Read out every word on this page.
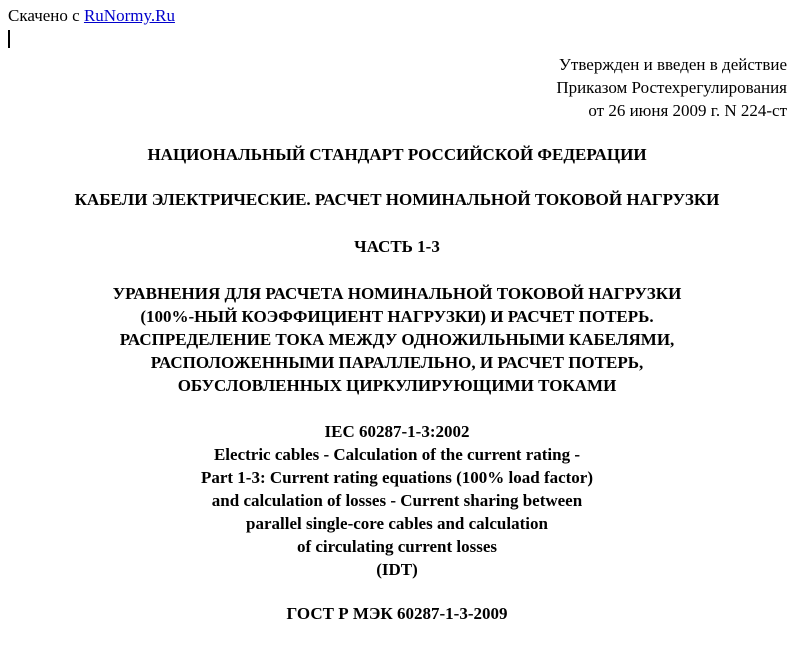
Скачено с RuNormy.Ru
Утвержден и введен в действие
Приказом Ростехрегулирования
от 26 июня 2009 г. N 224-ст
НАЦИОНАЛЬНЫЙ СТАНДАРТ РОССИЙСКОЙ ФЕДЕРАЦИИ
КАБЕЛИ ЭЛЕКТРИЧЕСКИЕ. РАСЧЕТ НОМИНАЛЬНОЙ ТОКОВОЙ НАГРУЗКИ
ЧАСТЬ 1-3
УРАВНЕНИЯ ДЛЯ РАСЧЕТА НОМИНАЛЬНОЙ ТОКОВОЙ НАГРУЗКИ
(100%-НЫЙ КОЭФФИЦИЕНТ НАГРУЗКИ) И РАСЧЕТ ПОТЕРЬ.
РАСПРЕДЕЛЕНИЕ ТОКА МЕЖДУ ОДНОЖИЛЬНЫМИ КАБЕЛЯМИ,
РАСПОЛОЖЕННЫМИ ПАРАЛЛЕЛЬНО, И РАСЧЕТ ПОТЕРЬ,
ОБУСЛОВЛЕННЫХ ЦИРКУЛИРУЮЩИМИ ТОКАМИ
IEC 60287-1-3:2002
Electric cables - Calculation of the current rating -
Part 1-3: Current rating equations (100% load factor)
and calculation of losses - Current sharing between
parallel single-core cables and calculation
of circulating current losses
(IDT)
ГОСТ Р МЭК 60287-1-3-2009
